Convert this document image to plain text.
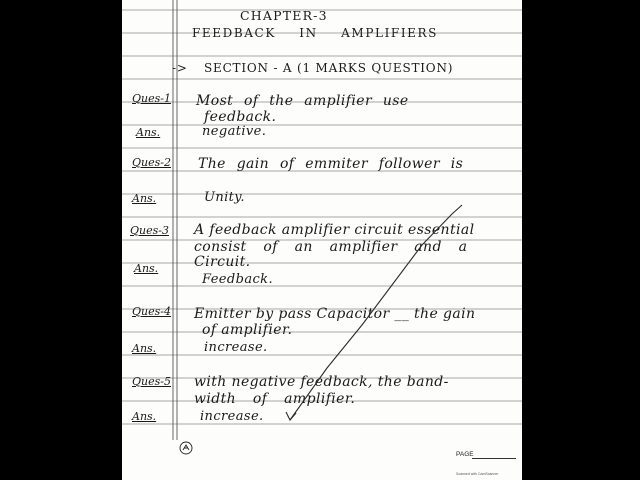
CHAPTER-3

FEEDBACK IN AMPLIFIERS

-> SECTION - A (1 MARKS QUESTION)

Ques-1 Most of the amplifier use

feedback.

Ans.	negative.

Ques-2 The gain of emmiter follower is

Ans.	Unity.

Ques-3 A feedback amplifier circuit essential

consist of an amplifier and a

Circuit.

Ans.

Feedback.

Ques-4 Emitter by pass Capacitor __ the gain

of amplifier.

Ans.	increase.

Ques-5 with negative feedback, the band-

width of amplifier.

Ans.	increase.

PAGE

Scanned with CamScanner
